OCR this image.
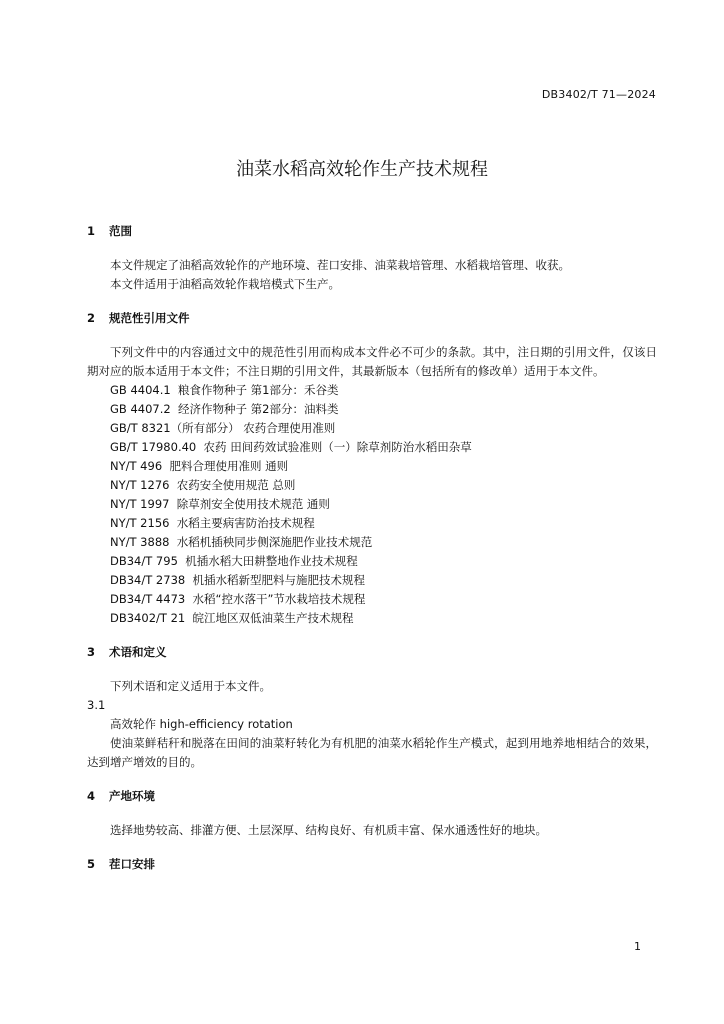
DB3402/T 71—2024
油菜水稻高效轮作生产技术规程

1 范围

本文件规定了油稻高效轮作的产地环境、茬口安排、油菜栽培管理、水稻栽培管理、收获。

本文件适用于油稻高效轮作栽培模式下生产。

2 规范性引用文件

下列文件中的内容通过文中的规范性引用而构成本文件必不可少的条款。其中，注日期的引用文件，仅该日期对应的版本适用于本文件；不注日期的引用文件，其最新版本（包括所有的修改单）适用于本文件。

GB 4404.1  粮食作物种子 第1部分：禾谷类

GB 4407.2  经济作物种子 第2部分：油料类

GB/T 8321（所有部分） 农药合理使用准则

GB/T 17980.40  农药 田间药效试验准则（一）除草剂防治水稻田杂草

NY/T 496  肥料合理使用准则 通则

NY/T 1276  农药安全使用规范 总则

NY/T 1997  除草剂安全使用技术规范 通则

NY/T 2156  水稻主要病害防治技术规程

NY/T 3888  水稻机插秧同步侧深施肥作业技术规范

DB34/T 795  机插水稻大田耕整地作业技术规程

DB34/T 2738  机插水稻新型肥料与施肥技术规程

DB34/T 4473  水稻“控水落干”节水栽培技术规程

DB3402/T 21  皖江地区双低油菜生产技术规程

3 术语和定义

下列术语和定义适用于本文件。

3.1

高效轮作 high-efficiency rotation

使油菜鲜秸秆和脱落在田间的油菜籽转化为有机肥的油菜水稻轮作生产模式，起到用地养地相结合的效果，达到增产增效的目的。

4 产地环境

选择地势较高、排灌方便、土层深厚、结构良好、有机质丰富、保水通透性好的地块。

5 茬口安排

1
